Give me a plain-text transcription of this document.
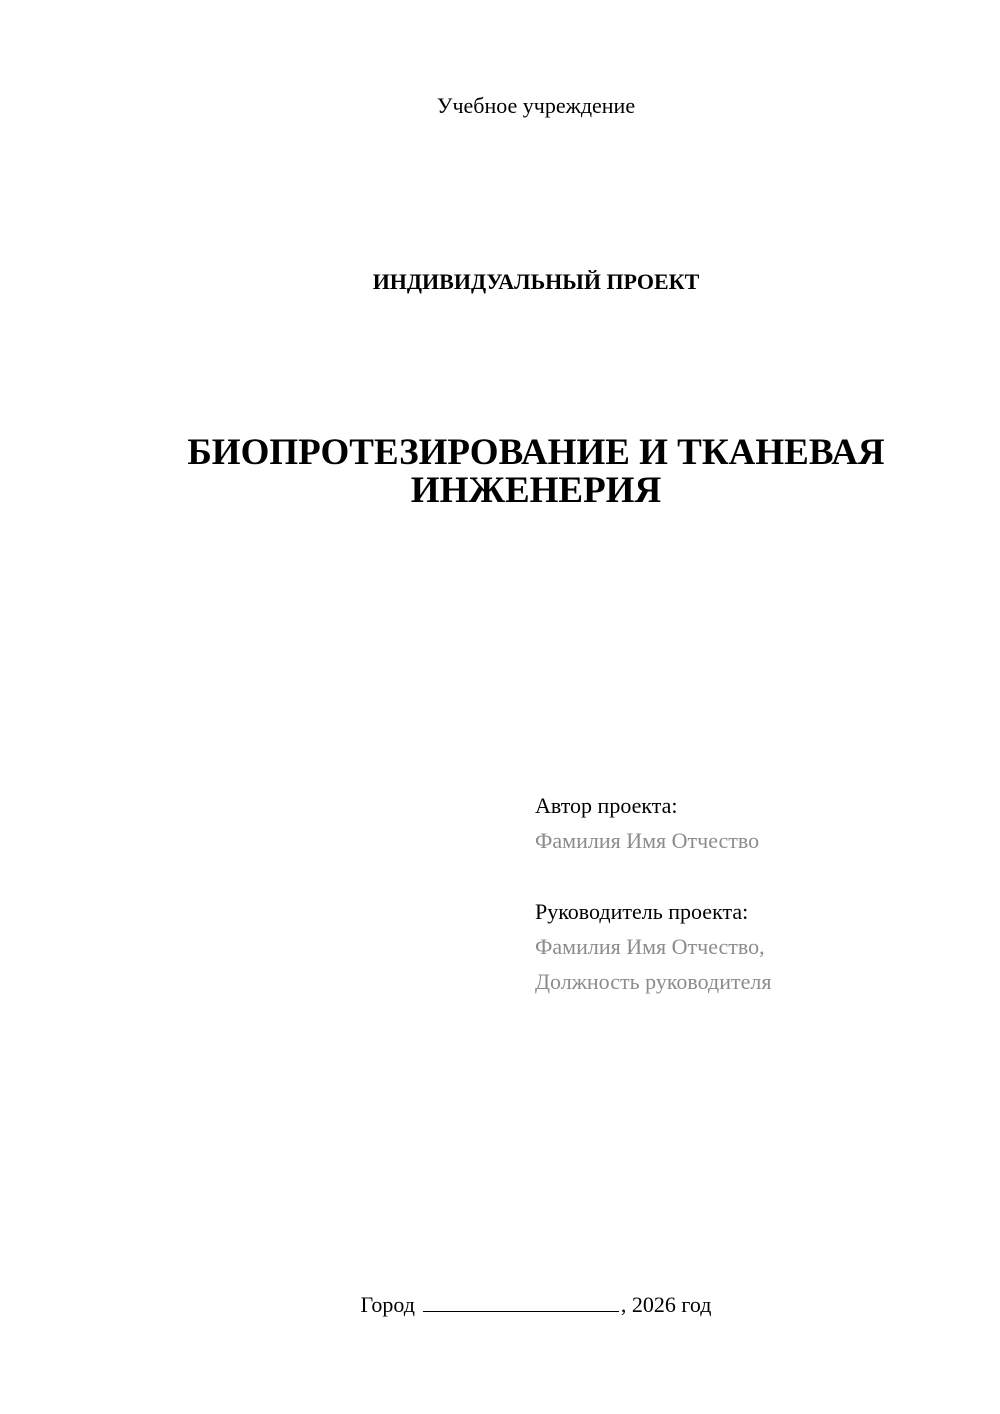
Учебное учреждение
ИНДИВИДУАЛЬНЫЙ ПРОЕКТ
БИОПРОТЕЗИРОВАНИЕ И ТКАНЕВАЯ
ИНЖЕНЕРИЯ
Автор проекта:
Фамилия Имя Отчество
Руководитель проекта:
Фамилия Имя Отчество,
Должность руководителя
Город	, 2026 год
